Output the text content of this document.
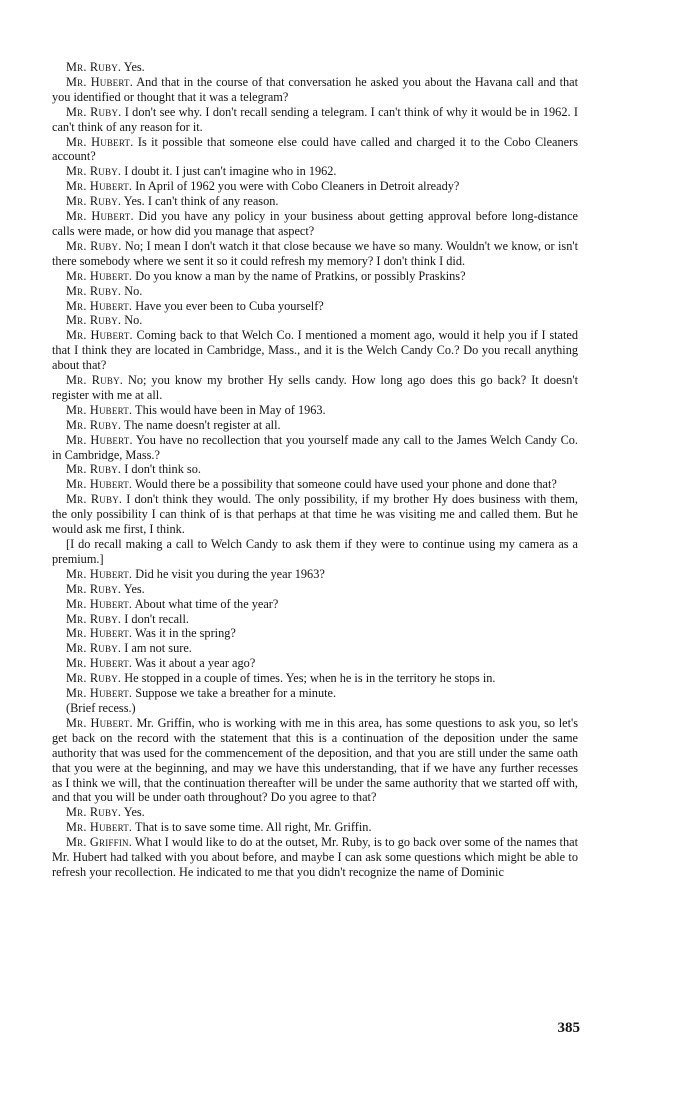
Mr. Ruby. Yes.

Mr. Hubert. And that in the course of that conversation he asked you about the Havana call and that you identified or thought that it was a telegram?

Mr. Ruby. I don't see why. I don't recall sending a telegram. I can't think of why it would be in 1962. I can't think of any reason for it.

Mr. Hubert. Is it possible that someone else could have called and charged it to the Cobo Cleaners account?

Mr. Ruby. I doubt it. I just can't imagine who in 1962.

Mr. Hubert. In April of 1962 you were with Cobo Cleaners in Detroit already?

Mr. Ruby. Yes. I can't think of any reason.

Mr. Hubert. Did you have any policy in your business about getting approval before long-distance calls were made, or how did you manage that aspect?

Mr. Ruby. No; I mean I don't watch it that close because we have so many. Wouldn't we know, or isn't there somebody where we sent it so it could refresh my memory? I don't think I did.

Mr. Hubert. Do you know a man by the name of Pratkins, or possibly Praskins?

Mr. Ruby. No.

Mr. Hubert. Have you ever been to Cuba yourself?

Mr. Ruby. No.

Mr. Hubert. Coming back to that Welch Co. I mentioned a moment ago, would it help you if I stated that I think they are located in Cambridge, Mass., and it is the Welch Candy Co.? Do you recall anything about that?

Mr. Ruby. No; you know my brother Hy sells candy. How long ago does this go back? It doesn't register with me at all.

Mr. Hubert. This would have been in May of 1963.

Mr. Ruby. The name doesn't register at all.

Mr. Hubert. You have no recollection that you yourself made any call to the James Welch Candy Co. in Cambridge, Mass.?

Mr. Ruby. I don't think so.

Mr. Hubert. Would there be a possibility that someone could have used your phone and done that?

Mr. Ruby. I don't think they would. The only possibility, if my brother Hy does business with them, the only possibility I can think of is that perhaps at that time he was visiting me and called them. But he would ask me first, I think.

[I do recall making a call to Welch Candy to ask them if they were to continue using my camera as a premium.]

Mr. Hubert. Did he visit you during the year 1963?

Mr. Ruby. Yes.

Mr. Hubert. About what time of the year?

Mr. Ruby. I don't recall.

Mr. Hubert. Was it in the spring?

Mr. Ruby. I am not sure.

Mr. Hubert. Was it about a year ago?

Mr. Ruby. He stopped in a couple of times. Yes; when he is in the territory he stops in.

Mr. Hubert. Suppose we take a breather for a minute.

(Brief recess.)

Mr. Hubert. Mr. Griffin, who is working with me in this area, has some questions to ask you, so let's get back on the record with the statement that this is a continuation of the deposition under the same authority that was used for the commencement of the deposition, and that you are still under the same oath that you were at the beginning, and may we have this understanding, that if we have any further recesses as I think we will, that the continuation thereafter will be under the same authority that we started off with, and that you will be under oath throughout? Do you agree to that?

Mr. Ruby. Yes.

Mr. Hubert. That is to save some time. All right, Mr. Griffin.

Mr. Griffin. What I would like to do at the outset, Mr. Ruby, is to go back over some of the names that Mr. Hubert had talked with you about before, and maybe I can ask some questions which might be able to refresh your recollection. He indicated to me that you didn't recognize the name of Dominic

385
